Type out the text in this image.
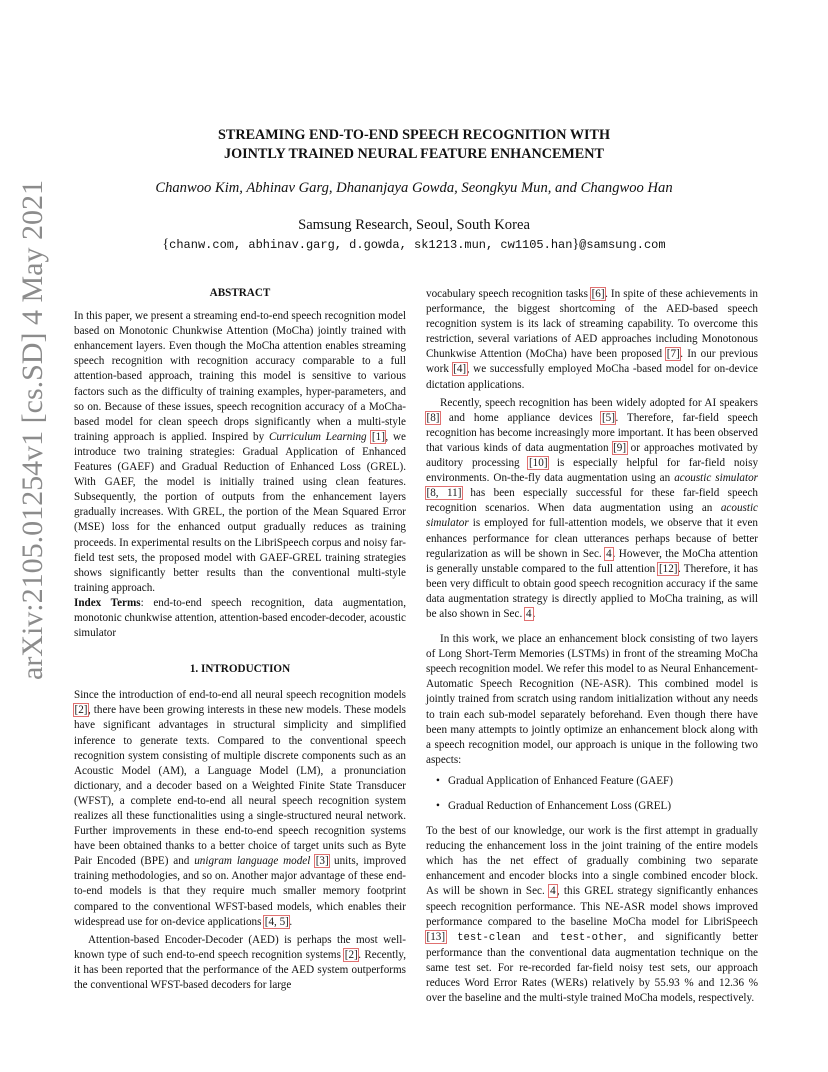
arXiv:2105.01254v1 [cs.SD] 4 May 2021
STREAMING END-TO-END SPEECH RECOGNITION WITH
JOINTLY TRAINED NEURAL FEATURE ENHANCEMENT
Chanwoo Kim, Abhinav Garg, Dhananjaya Gowda, Seongkyu Mun, and Changwoo Han
Samsung Research, Seoul, South Korea
{chanw.com, abhinav.garg, d.gowda, sk1213.mun, cw1105.han}@samsung.com

ABSTRACT

In this paper, we present a streaming end-to-end speech recognition model based on Monotonic Chunkwise Attention (MoCha) jointly trained with enhancement layers. Even though the MoCha attention enables streaming speech recognition with recognition accuracy comparable to a full attention-based approach, training this model is sensitive to various factors such as the difficulty of training examples, hyper-parameters, and so on. Because of these issues, speech recognition accuracy of a MoCha-based model for clean speech drops significantly when a multi-style training approach is applied. Inspired by Curriculum Learning [1], we introduce two training strategies: Gradual Application of Enhanced Features (GAEF) and Gradual Reduction of Enhanced Loss (GREL). With GAEF, the model is initially trained using clean features. Subsequently, the portion of outputs from the enhancement layers gradually increases. With GREL, the portion of the Mean Squared Error (MSE) loss for the enhanced output gradually reduces as training proceeds. In experimental results on the LibriSpeech corpus and noisy far-field test sets, the proposed model with GAEF-GREL training strategies shows significantly better results than the conventional multi-style training approach.

Index Terms: end-to-end speech recognition, data augmentation, monotonic chunkwise attention, attention-based encoder-decoder, acoustic simulator

1. INTRODUCTION

Since the introduction of end-to-end all neural speech recognition models [2], there have been growing interests in these new models. These models have significant advantages in structural simplicity and simplified inference to generate texts. Compared to the conventional speech recognition system consisting of multiple discrete components such as an Acoustic Model (AM), a Language Model (LM), a pronunciation dictionary, and a decoder based on a Weighted Finite State Transducer (WFST), a complete end-to-end all neural speech recognition system realizes all these functionalities using a single-structured neural network. Further improvements in these end-to-end speech recognition systems have been obtained thanks to a better choice of target units such as Byte Pair Encoded (BPE) and unigram language model [3] units, improved training methodologies, and so on. Another major advantage of these end-to-end models is that they require much smaller memory footprint compared to the conventional WFST-based models, which enables their widespread use for on-device applications [4, 5].

Attention-based Encoder-Decoder (AED) is perhaps the most well-known type of such end-to-end speech recognition systems [2]. Recently, it has been reported that the performance of the AED system outperforms the conventional WFST-based decoders for large

vocabulary speech recognition tasks [6]. In spite of these achievements in performance, the biggest shortcoming of the AED-based speech recognition system is its lack of streaming capability. To overcome this restriction, several variations of AED approaches including Monotonous Chunkwise Attention (MoCha) have been proposed [7]. In our previous work [4], we successfully employed MoCha -based model for on-device dictation applications.

Recently, speech recognition has been widely adopted for AI speakers [8] and home appliance devices [5]. Therefore, far-field speech recognition has become increasingly more important. It has been observed that various kinds of data augmentation [9] or approaches motivated by auditory processing [10] is especially helpful for far-field noisy environments. On-the-fly data augmentation using an acoustic simulator [8, 11] has been especially successful for these far-field speech recognition scenarios. When data augmentation using an acoustic simulator is employed for full-attention models, we observe that it even enhances performance for clean utterances perhaps because of better regularization as will be shown in Sec. 4. However, the MoCha attention is generally unstable compared to the full attention [12]. Therefore, it has been very difficult to obtain good speech recognition accuracy if the same data augmentation strategy is directly applied to MoCha training, as will be also shown in Sec. 4.

In this work, we place an enhancement block consisting of two layers of Long Short-Term Memories (LSTMs) in front of the streaming MoCha speech recognition model. We refer this model to as Neural Enhancement-Automatic Speech Recognition (NE-ASR). This combined model is jointly trained from scratch using random initialization without any needs to train each sub-model separately beforehand. Even though there have been many attempts to jointly optimize an enhancement block along with a speech recognition model, our approach is unique in the following two aspects:

• Gradual Application of Enhanced Feature (GAEF)
• Gradual Reduction of Enhancement Loss (GREL)

To the best of our knowledge, our work is the first attempt in gradually reducing the enhancement loss in the joint training of the entire models which has the net effect of gradually combining two separate enhancement and encoder blocks into a single combined encoder block. As will be shown in Sec. 4, this GREL strategy significantly enhances speech recognition performance. This NE-ASR model shows improved performance compared to the baseline MoCha model for LibriSpeech [13] test-clean and test-other, and significantly better performance than the conventional data augmentation technique on the same test set. For re-recorded far-field noisy test sets, our approach reduces Word Error Rates (WERs) relatively by 55.93 % and 12.36 % over the baseline and the multi-style trained MoCha models, respectively.
